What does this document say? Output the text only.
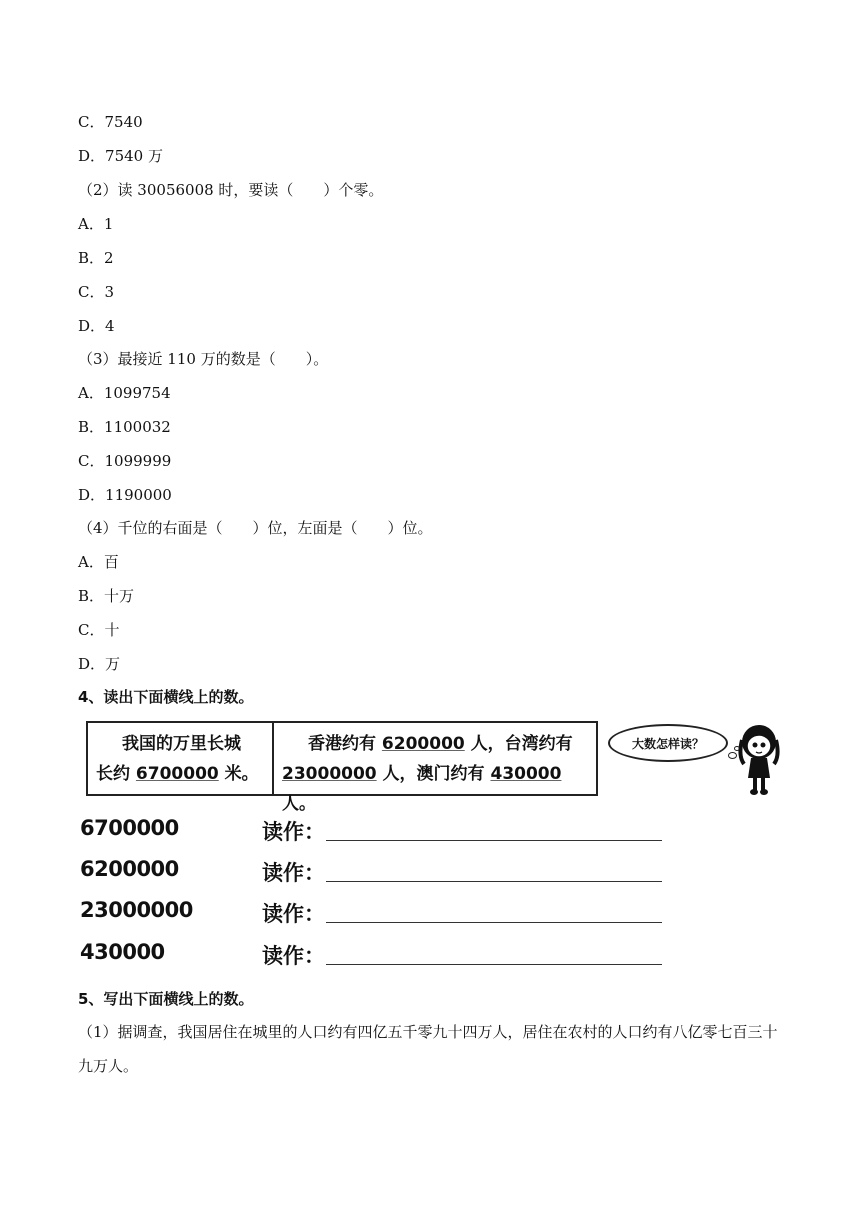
C．7540
D．7540 万
（2）读 30056008 时，要读（　　）个零。
A．1
B．2
C．3
D．4
（3）最接近 110 万的数是（　　）。
A．1099754
B．1100032
C．1099999
D．1190000
（4）千位的右面是（　　）位，左面是（　　）位。
A．百
B．十万
C．十
D．万
4、读出下面横线上的数。
我国的万里长城
长约 6700000 米。
香港约有 6200000 人，台湾约有
23000000 人，澳门约有 430000 人。
大数怎样读？
6700000	读作：
6200000	读作：
23000000	读作：
430000	读作：
5、写出下面横线上的数。
（1）据调查，我国居住在城里的人口约有四亿五千零九十四万人，居住在农村的人口约有八亿零七百三十九万人。
